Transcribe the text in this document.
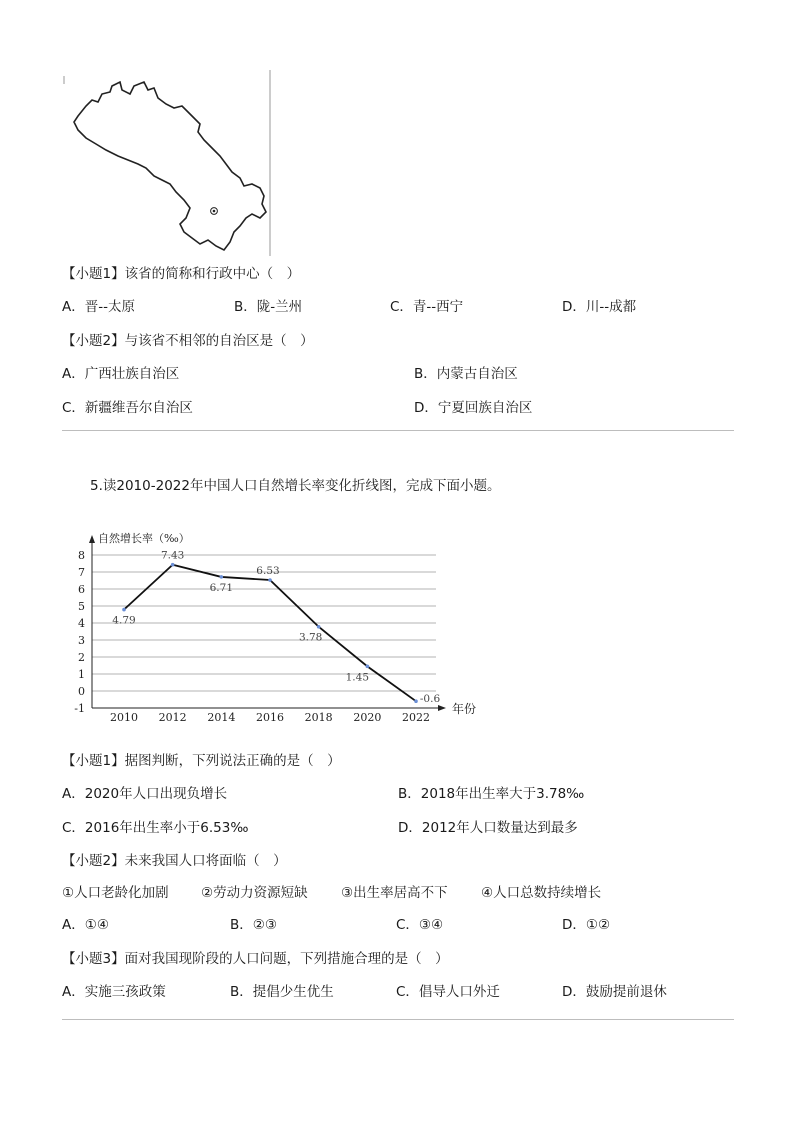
【小题1】该省的简称和行政中心（　）
A．晋--太原	B．陇-兰州	C．青--西宁	D．川--成都
【小题2】与该省不相邻的自治区是（　）
A．广西壮族自治区	B．内蒙古自治区
C．新疆维吾尔自治区	D．宁夏回族自治区
5.读2010-2022年中国人口自然增长率变化折线图，完成下面小题。
-1
0
1
2
3
4
5
6
7
8
2010 2012 2014 2016 2018 2020 2022
自然增长率（‰）
年份
4.79
7.43
6.71
6.53
3.78
1.45
-0.6
【小题1】据图判断，下列说法正确的是（　）
A．2020年人口出现负增长	B．2018年出生率大于3.78‰
C．2016年出生率小于6.53‰	D．2012年人口数量达到最多
【小题2】未来我国人口将面临（　）
①人口老龄化加剧 ②劳动力资源短缺 ③出生率居高不下 ④人口总数持续增长
A．①④	B．②③	C．③④	D．①②
【小题3】面对我国现阶段的人口问题，下列措施合理的是（　）
A．实施三孩政策	B．提倡少生优生	C．倡导人口外迁	D．鼓励提前退休
